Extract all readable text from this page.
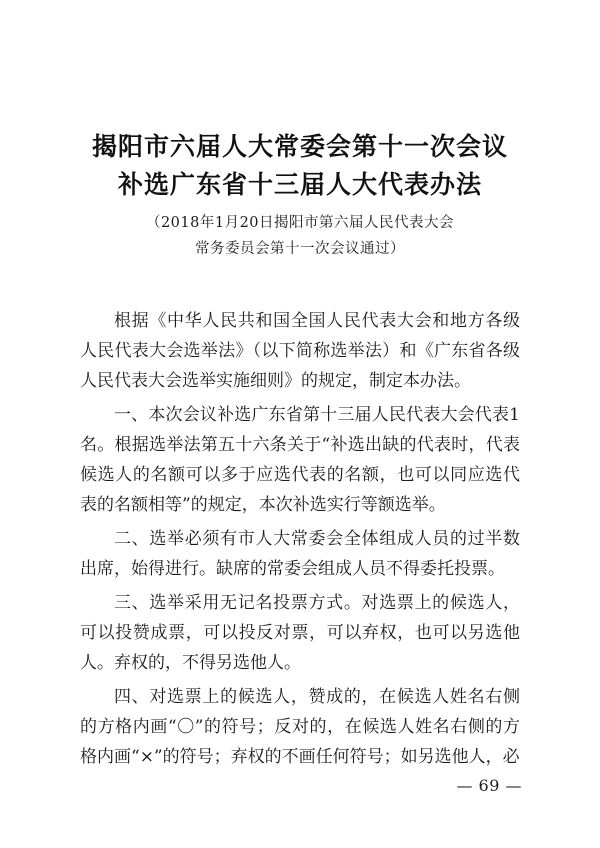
揭阳市六届人大常委会第十一次会议

补选广东省十三届人大代表办法

（2018年1月20日揭阳市第六届人民代表大会

常务委员会第十一次会议通过）

根据《中华人民共和国全国人民代表大会和地方各级人民代表大会选举法》（以下简称选举法）和《广东省各级人民代表大会选举实施细则》的规定，制定本办法。

一、本次会议补选广东省第十三届人民代表大会代表1名。根据选举法第五十六条关于“补选出缺的代表时，代表候选人的名额可以多于应选代表的名额，也可以同应选代表的名额相等”的规定，本次补选实行等额选举。

二、选举必须有市人大常委会全体组成人员的过半数出席，始得进行。缺席的常委会组成人员不得委托投票。

三、选举采用无记名投票方式。对选票上的候选人，可以投赞成票，可以投反对票，可以弃权，也可以另选他人。弃权的，不得另选他人。

四、对选票上的候选人，赞成的，在候选人姓名右侧的方格内画“〇”的符号；反对的，在候选人姓名右侧的方格内画“×”的符号；弃权的不画任何符号；如另选他人，必

— 69 —
